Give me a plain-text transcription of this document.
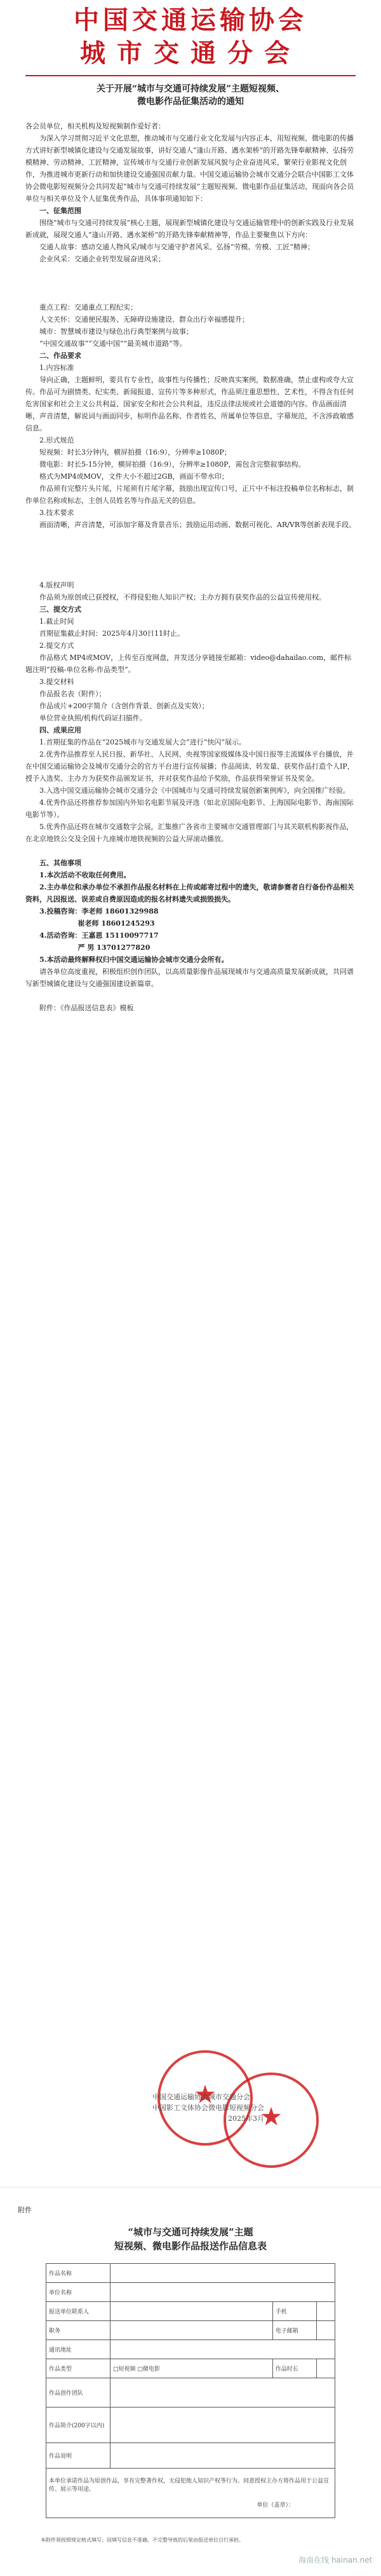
中国交通运输协会
城市交通分会
关于开展“城市与交通可持续发展”主题短视频、
微电影作品征集活动的通知

各会员单位，相关机构及短视频制作爱好者：

为深入学习贯彻习近平文化思想，推动城市与交通行业文化发展与内容正本，用短视频、微电影的传播方式讲好新型城镇化建设与交通发展故事，讲好交通人“逢山开路、遇水架桥”的开路先锋奉献精神、弘扬劳模精神、劳动精神、工匠精神，宣传城市与交通行业创新发展风貌与企业奋进风采，繁荣行业影视文化创作，为推进城市更新行动和加快建设交通强国贡献力量。中国交通运输协会城市交通分会联合中国影工文体协会微电影短视频分会共同发起“城市与交通可持续发展”主题短视频、微电影作品征集活动，现面向各会员单位与相关单位及个人征集优秀作品，具体事项通知如下：

一、征集范围

围绕“城市与交通可持续发展”核心主题，展现新型城镇化建设与交通运输管理中的创新实践及行业发展新成就，展现交通人“逢山开路、遇水架桥”的开路先锋奉献精神等，作品主要聚焦以下方向：

交通人故事：感动交通人物风采/城市与交通守护者风采、弘扬“劳模、劳模、工匠”精神；

企业风采：交通企业转型发展奋进风采；

重点工程：交通重点工程纪实；

人文关怀：交通便民服务、无障碍设施建设、群众出行幸福感提升；

城市：智慧城市建设与绿色出行典型案例与故事；

“中国交通故事”“交通中国”“最美城市道路”等。

二、作品要求

1.内容标准

导向正确，主题鲜明，要具有专业性，故事性与传播性；反映真实案例，数据准确，禁止虚构或夸大宣传。作品可为剧情类、纪实类、新闻报道、宣传片等多种形式，作品须注重思想性、艺术性，不得含有任何危害国家和社会主义公共利益、国家安全和社会公共利益，违反法律法规或社会道德的内容。作品画面清晰，声音清楚，解说词与画面同步，标明作品名称、作者姓名，所属单位等信息，字幕规范，不含涉政敏感信息。

2.形式规范

短视频：时长3分钟内，横屏拍摄（16:9），分辨率≥1080P；

微电影：时长5-15分钟，横屏拍摄（16:9），分辨率≥1080P，需包含完整叙事结构。

格式为MP4或MOV，文件大小不超过2GB，画面不带水印；

作品须有完整片头片尾，片尾须有片尾字幕，鼓励出现宣传口号，正片中不标注投稿单位名称标志，制作单位名称或标志，主创人员姓名等与作品无关的信息。

3.技术要求

画面清晰，声音清楚，可添加字幕及背景音乐；鼓励运用动画、数据可视化、AR/VR等创新表现手段。

4.版权声明

作品须为原创或已获授权，不得侵犯他人知识产权；主办方拥有获奖作品的公益宣传使用权。

三、提交方式

1.截止时间

首期征集截止时间：2025年4月30日11时止。

2.提交方式

作品格式 MP4或MOV，上传至百度网盘，并发送分享链接至邮箱：video@dahailao.com，邮件标题注明“投稿-单位名称-作品类型”。

3.提交材料

作品报名表（附件）；

作品成片+200字简介（含创作背景、创新点及实效）；

单位营业执照/机构代码证扫描件。

四、成果应用

1.首期征集的作品在“2025城市与交通发展大会”进行“快闪”展示。

2.优秀作品推荐至人民日报、新华社、人民网、央视等国家级媒体及中国日报等主流媒体平台播放，并在中国交通运输协会及城市交通分会的官方平台进行宣传展播；作品阅读、转发量、获奖作品打造个人IP，授予入选奖、主办方为获奖作品颁发证书，并对获奖作品给予奖励，作品获得荣誉证书及奖金。

3.入选中国交通运输协会城市交通分会《中国城市与交通可持续发展创新案例库》，向全国推广经验。

4.优秀作品还将推荐参加国内外知名电影节展及评选（如北京国际电影节、上海国际电影节、海南国际电影节等）。

5.优秀作品还将在城市交通数字会展，汇集推广各省市主要城市交通管理部门与其关联机构影视作品，在北京地铁公交及全国十九座城市地铁视频的公益大屏滚动播放。

五、其他事项

1.本次活动不收取任何费用。

2.主办单位和承办单位不承担作品报名材料在上传或邮寄过程中的遗失，敬请参赛者自行备份作品相关资料，凡因报送、误差或自费原因造成的报名材料遗失或损毁损失。

3.投稿咨询：李老师 18601329988

崔老师 18601245293

4.活动咨询：王嘉恩 15110097717

严 男 13701277820

5.本活动最终解释权归中国交通运输协会城市交通分会所有。

请各单位高度重视，积极组织创作团队，以高质量影像作品展现城市与交通高质量发展新成就，共同谱写新型城镇化建设与交通强国建设新篇章。

附件：《作品报送信息表》模板

★
★
中国交通运输协会城市交通分会
中国影工文体协会微电影短视频分会
2025年3月
附件
“城市与交通可持续发展”主题
短视频、微电影作品报送作品信息表
作品名称			
单位名称			
报送单位联系人		手机	
职务		电子邮箱	
通讯地址			
作品类型	□短视频 □微电影	作品时长	
作品创作团队			
作品简介(200字以内)			
作品说明			

本单位承诺作品为原创作品，享有完整著作权，无侵犯他人知识产权等行为。同意授权主办方将作品用于公益宣传、展示等用途。
单位（盖章）：			
本附件须按照规定格式填写；因填写信息不准确、不完整导致的后果由报送单位自行承担。
海南在线 hainan.net
